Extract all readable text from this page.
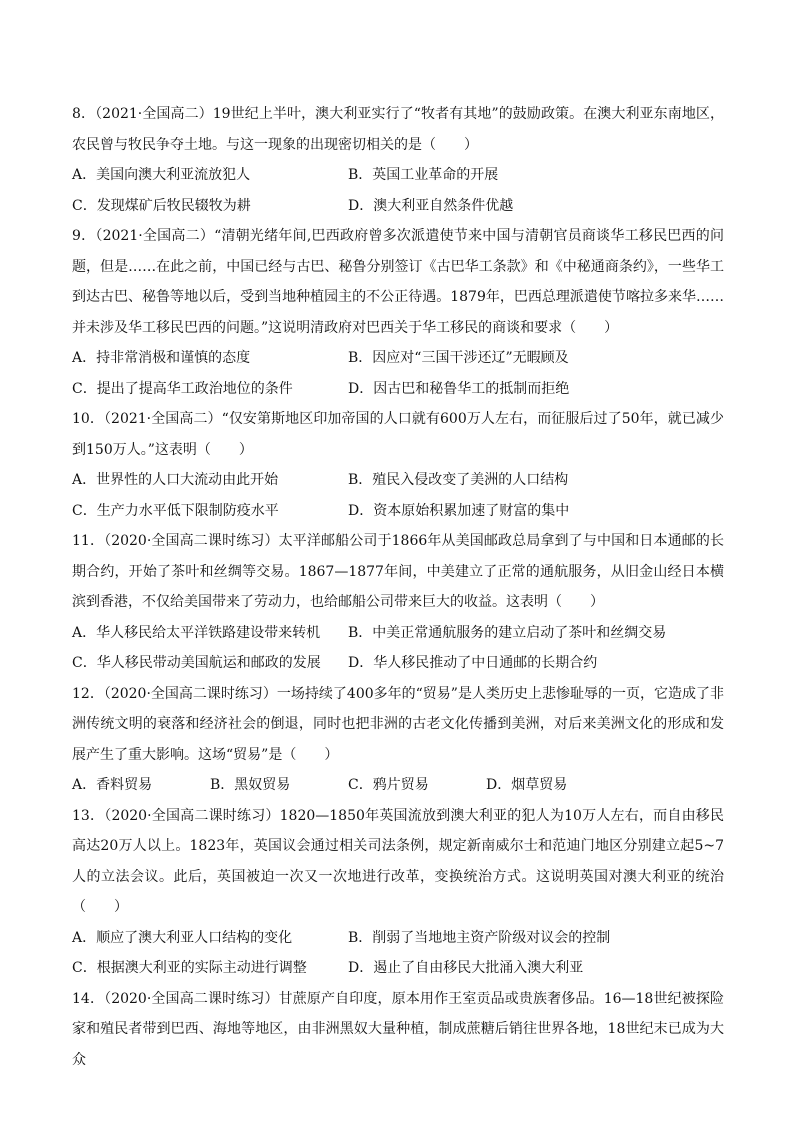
8．（2021·全国高二）19世纪上半叶，澳大利亚实行了“牧者有其地”的鼓励政策。在澳大利亚东南地区，农民曾与牧民争夺土地。与这一现象的出现密切相关的是（　　）

A．美国向澳大利亚流放犯人	B．英国工业革命的开展
C．发现煤矿后牧民辍牧为耕	D．澳大利亚自然条件优越

9．（2021·全国高二）“清朝光绪年间,巴西政府曾多次派遣使节来中国与清朝官员商谈华工移民巴西的问题，但是……在此之前，中国已经与古巴、秘鲁分别签订《古巴华工条款》和《中秘通商条约》，一些华工到达古巴、秘鲁等地以后，受到当地种植园主的不公正待遇。1879年，巴西总理派遣使节喀拉多来华……并未涉及华工移民巴西的问题。”这说明清政府对巴西关于华工移民的商谈和要求（　　）

A．持非常消极和谨慎的态度	B．因应对“三国干涉还辽”无暇顾及
C．提出了提高华工政治地位的条件	D．因古巴和秘鲁华工的抵制而拒绝

10．（2021·全国高二）“仅安第斯地区印加帝国的人口就有600万人左右，而征服后过了50年，就已减少到150万人。”这表明（　　）

A．世界性的人口大流动由此开始	B．殖民入侵改变了美洲的人口结构
C．生产力水平低下限制防疫水平	D．资本原始积累加速了财富的集中

11．（2020·全国高二课时练习）太平洋邮船公司于1866年从美国邮政总局拿到了与中国和日本通邮的长期合约，开始了茶叶和丝绸等交易。1867—1877年间，中美建立了正常的通航服务，从旧金山经日本横滨到香港，不仅给美国带来了劳动力，也给邮船公司带来巨大的收益。这表明（　　）

A．华人移民给太平洋铁路建设带来转机	B．中美正常通航服务的建立启动了茶叶和丝绸交易
C．华人移民带动美国航运和邮政的发展	D．华人移民推动了中日通邮的长期合约

12．（2020·全国高二课时练习）一场持续了400多年的“贸易”是人类历史上悲惨耻辱的一页，它造成了非洲传统文明的衰落和经济社会的倒退，同时也把非洲的古老文化传播到美洲，对后来美洲文化的形成和发展产生了重大影响。这场“贸易”是（　　）

A．香料贸易	B．黑奴贸易	C．鸦片贸易	D．烟草贸易

13．（2020·全国高二课时练习）1820—1850年英国流放到澳大利亚的犯人为10万人左右，而自由移民高达20万人以上。1823年，英国议会通过相关司法条例，规定新南威尔士和范迪门地区分别建立起5~7人的立法会议。此后，英国被迫一次又一次地进行改革，变换统治方式。这说明英国对澳大利亚的统治（　　）

A．顺应了澳大利亚人口结构的变化	B．削弱了当地地主资产阶级对议会的控制
C．根据澳大利亚的实际主动进行调整	D．遏止了自由移民大批涌入澳大利亚

14．（2020·全国高二课时练习）甘蔗原产自印度，原本用作王室贡品或贵族奢侈品。16—18世纪被探险家和殖民者带到巴西、海地等地区，由非洲黑奴大量种植，制成蔗糖后销往世界各地，18世纪末已成为大众
